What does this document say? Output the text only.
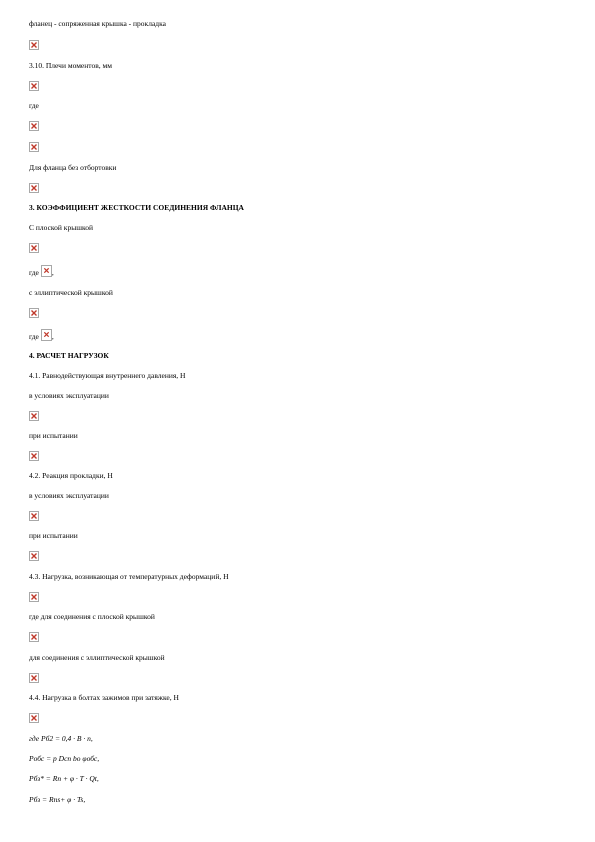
фланец - сопряженная крышка - прокладка
3.10. Плечи моментов, мм
где
Для фланца без отбортовки
3. КОЭФФИЦИЕНТ ЖЕСТКОСТИ СОЕДИНЕНИЯ ФЛАНЦА
С плоской крышкой
где ,
с эллиптической крышкой
где ,
4. РАСЧЕТ НАГРУЗОК
4.1. Равнодействующая внутреннего давления, Н
в условиях эксплуатации
при испытании
4.2. Реакция прокладки, Н
в условиях эксплуатации
при испытании
4.3. Нагрузка, возникающая от температурных деформаций, Н
где для соединения с плоской крышкой
для соединения с эллиптической крышкой
4.4. Нагрузка в болтах зажимов при затяжке, Н
где Рб2 = 0,4 · В · n,
Pобс = p Dcп bo φобс,
Pбз* = Rn + φ · T · Qt,
Pбз = Rns+ φ · Ts,
